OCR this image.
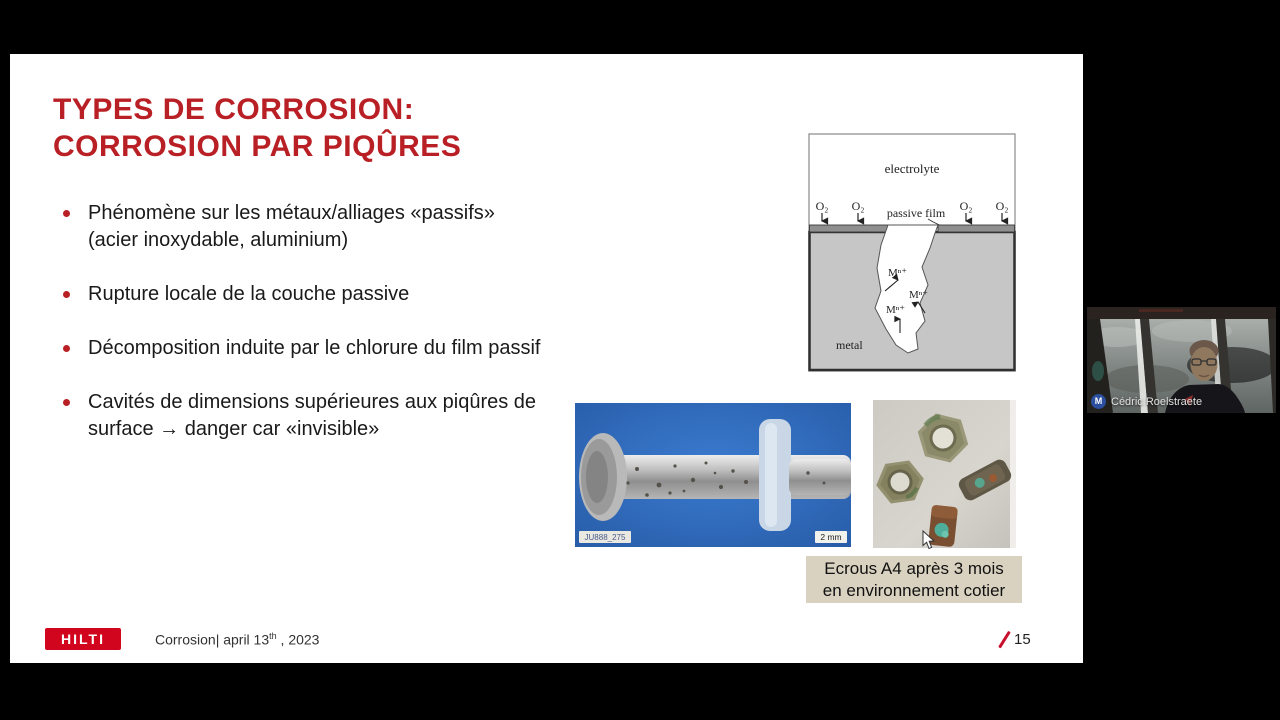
TYPES DE CORROSION:
CORROSION PAR PIQÛRES
Phénomène sur les métaux/alliages «passifs» (acier inoxydable, aluminium)
Rupture locale de la couche passive
Décomposition induite par le chlorure du film passif
Cavités de dimensions supérieures aux piqûres de surface → danger car «invisible»
electrolyte
O₂ O₂	O₂ O₂
passive film
Mⁿ⁺
Mⁿ⁺
Mⁿ⁺
metal
JU888_275	2 mm
Ecrous A4 après 3 mois
en environnement cotier
HILTI	Corrosion| april 13th , 2023	15
M Cédric Roelstraete
